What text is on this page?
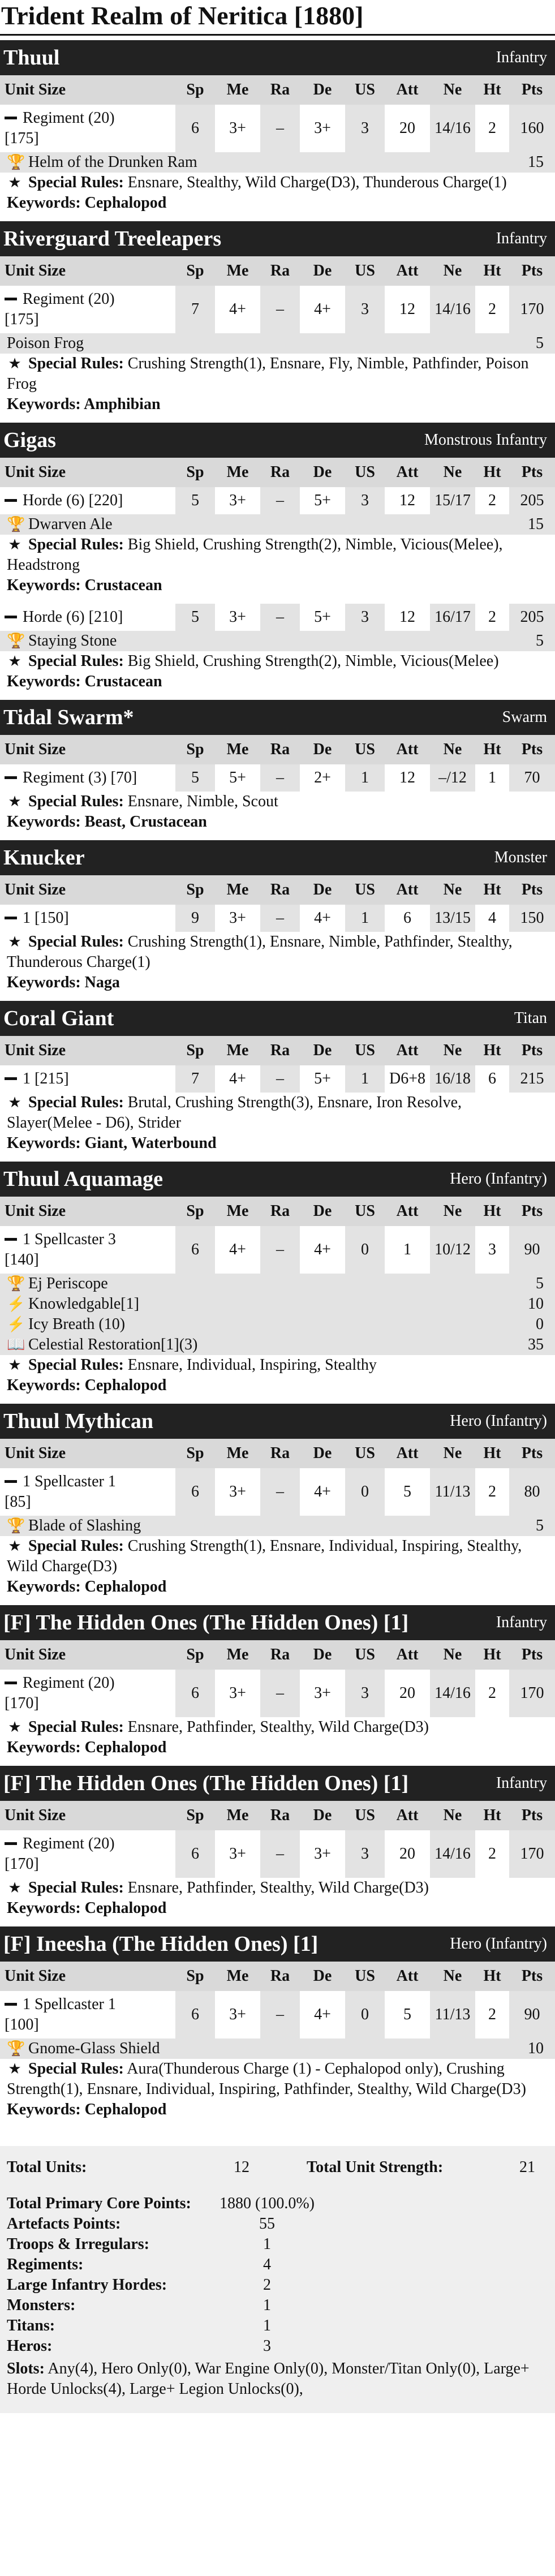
Trident Realm of Neritica [1880]
Thuul	Infantry
Unit Size	Sp	Me	Ra	De	US	Att	Ne	Ht	Pts
Regiment (20)
[175]	6	3+	–	3+	3	20	14/16	2	160
🏆 Helm of the Drunken Ram	15
★ Special Rules: Ensnare, Stealthy, Wild Charge(D3), Thunderous Charge(1)
Keywords: Cephalopod
Riverguard Treeleapers	Infantry
Unit Size	Sp	Me	Ra	De	US	Att	Ne	Ht	Pts
Regiment (20)
[175]	7	4+	–	4+	3	12	14/16	2	170
Poison Frog	5
★ Special Rules: Crushing Strength(1), Ensnare, Fly, Nimble, Pathfinder, Poison Frog
Keywords: Amphibian
Gigas	Monstrous Infantry
Unit Size	Sp	Me	Ra	De	US	Att	Ne	Ht	Pts
Horde (6) [220]	5	3+	–	5+	3	12	15/17	2	205
🏆 Dwarven Ale	15
★ Special Rules: Big Shield, Crushing Strength(2), Nimble, Vicious(Melee), Headstrong
Keywords: Crustacean
Horde (6) [210]	5	3+	–	5+	3	12	16/17	2	205
🏆 Staying Stone	5
★ Special Rules: Big Shield, Crushing Strength(2), Nimble, Vicious(Melee)
Keywords: Crustacean
Tidal Swarm*	Swarm
Unit Size	Sp	Me	Ra	De	US	Att	Ne	Ht	Pts
Regiment (3) [70]	5	5+	–	2+	1	12	–/12	1	70
★ Special Rules: Ensnare, Nimble, Scout
Keywords: Beast, Crustacean
Knucker	Monster
Unit Size	Sp	Me	Ra	De	US	Att	Ne	Ht	Pts
1 [150]	9	3+	–	4+	1	6	13/15	4	150
★ Special Rules: Crushing Strength(1), Ensnare, Nimble, Pathfinder, Stealthy, Thunderous Charge(1)
Keywords: Naga
Coral Giant	Titan
Unit Size	Sp	Me	Ra	De	US	Att	Ne	Ht	Pts
1 [215]	7	4+	–	5+	1	D6+8	16/18	6	215
★ Special Rules: Brutal, Crushing Strength(3), Ensnare, Iron Resolve, Slayer(Melee - D6), Strider
Keywords: Giant, Waterbound
Thuul Aquamage	Hero (Infantry)
Unit Size	Sp	Me	Ra	De	US	Att	Ne	Ht	Pts
1 Spellcaster 3
[140]	6	4+	–	4+	0	1	10/12	3	90
🏆 Ej Periscope	5
⚡ Knowledgable[1]	10
⚡ Icy Breath (10)	0
📖 Celestial Restoration[1](3)	35
★ Special Rules: Ensnare, Individual, Inspiring, Stealthy
Keywords: Cephalopod
Thuul Mythican	Hero (Infantry)
Unit Size	Sp	Me	Ra	De	US	Att	Ne	Ht	Pts
1 Spellcaster 1
[85]	6	3+	–	4+	0	5	11/13	2	80
🏆 Blade of Slashing	5
★ Special Rules: Crushing Strength(1), Ensnare, Individual, Inspiring, Stealthy, Wild Charge(D3)
Keywords: Cephalopod
[F] The Hidden Ones (The Hidden Ones) [1]	Infantry
Unit Size	Sp	Me	Ra	De	US	Att	Ne	Ht	Pts
Regiment (20)
[170]	6	3+	–	3+	3	20	14/16	2	170
★ Special Rules: Ensnare, Pathfinder, Stealthy, Wild Charge(D3)
Keywords: Cephalopod
[F] The Hidden Ones (The Hidden Ones) [1]	Infantry
Unit Size	Sp	Me	Ra	De	US	Att	Ne	Ht	Pts
Regiment (20)
[170]	6	3+	–	3+	3	20	14/16	2	170
★ Special Rules: Ensnare, Pathfinder, Stealthy, Wild Charge(D3)
Keywords: Cephalopod
[F] Ineesha (The Hidden Ones) [1]	Hero (Infantry)
Unit Size	Sp	Me	Ra	De	US	Att	Ne	Ht	Pts
1 Spellcaster 1
[100]	6	3+	–	4+	0	5	11/13	2	90
🏆 Gnome-Glass Shield	10
★ Special Rules: Aura(Thunderous Charge (1) - Cephalopod only), Crushing Strength(1), Ensnare, Individual, Inspiring, Pathfinder, Stealthy, Wild Charge(D3)
Keywords: Cephalopod
Total Units:	12	Total Unit Strength:	21
Total Primary Core Points:	1880 (100.0%)
Artefacts Points:	55
Troops & Irregulars:	1
Regiments:	4
Large Infantry Hordes:	2
Monsters:	1
Titans:	1
Heros:	3
Slots: Any(4), Hero Only(0), War Engine Only(0), Monster/Titan Only(0), Large+ Horde Unlocks(4), Large+ Legion Unlocks(0),
